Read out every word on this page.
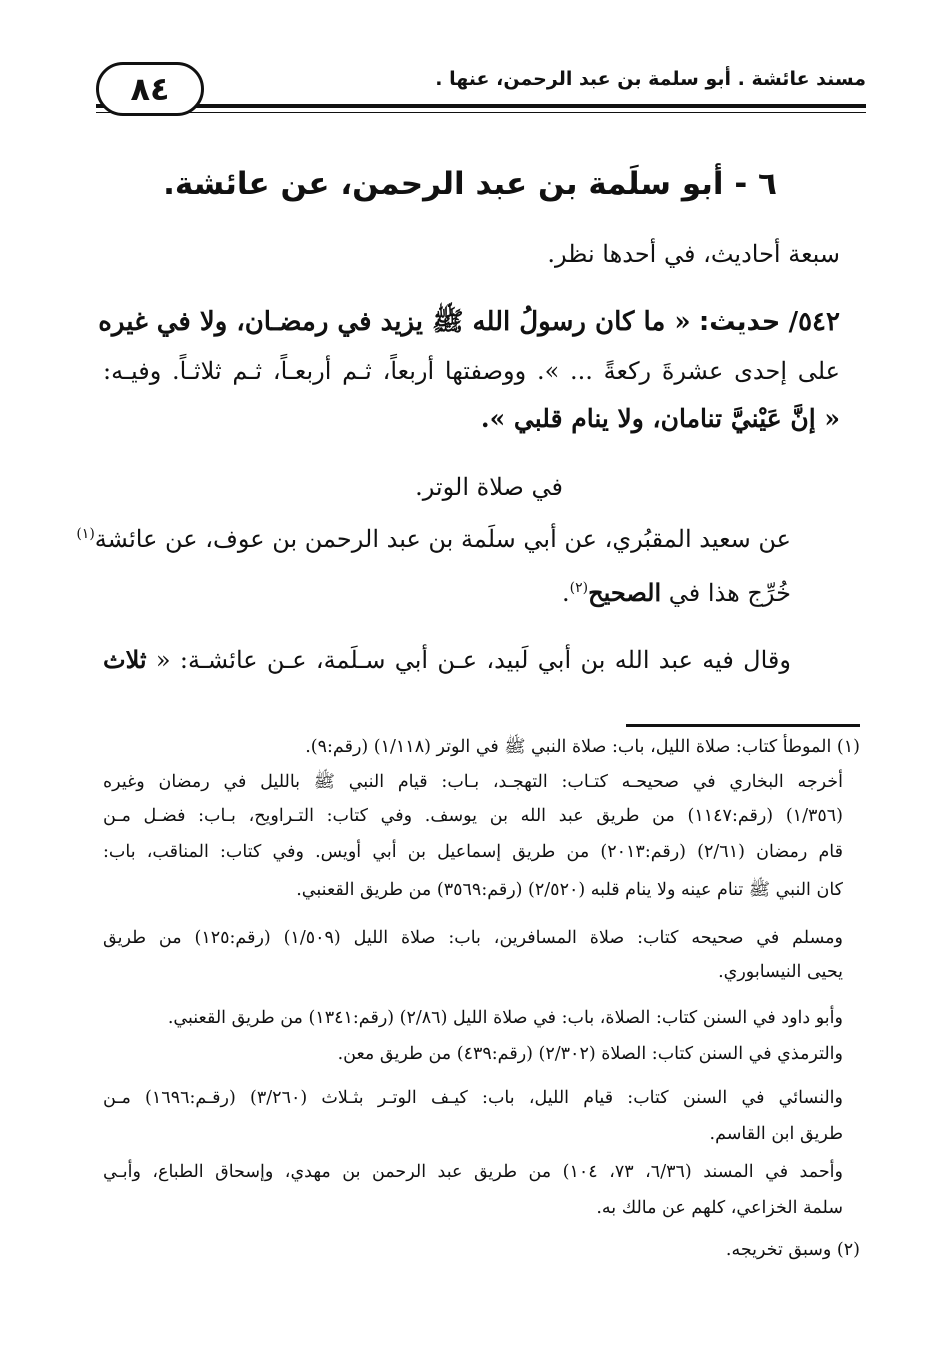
مسند عائشة . أبو سلمة بن عبد الرحمن، عنها .
٨٤
٦ - أبو سلَمة بن عبد الرحمن، عن عائشة.
سبعة أحاديث، في أحدها نظر.
٥٤٢/ حديث: « ما كان رسولُ الله ﷺ يزيد في رمضـان، ولا في غيره
على إحدى عشرةَ ركعةً ... ». ووصفتها أربعاً، ثـم أربعـاً، ثـم ثلاثـاً. وفيـه:
« إنَّ عَيْنيَّ تنامان، ولا ينام قلبي ».
في صلاة الوتر.
عن سعيد المقبُري، عن أبي سلَمة بن عبد الرحمن بن عوف، عن عائشة$^{(١)}$
خُرِّج هذا في الصحيح$^{(٢)}$.
وقال فيه عبد الله بن أبي لَبيد، عـن أبي سـلَمة، عـن عائشـة: « ثلاث
(١) الموطأ كتاب: صلاة الليل، باب: صلاة النبي ﷺ في الوتر (١/١١٨) (رقم:٩).
أخرجه البخاري في صحيحـه كتـاب: التهجـد، بـاب: قيام النبي ﷺ بالليل في رمضان وغيره
(١/٣٥٦) (رقم:١١٤٧) من طريق عبد الله بن يوسف. وفي كتاب: التـراويح، بـاب: فضـل مـن
قام رمضان (٢/٦١) (رقم:٢٠١٣) من طريق إسماعيل بن أبي أويس. وفي كتاب: المناقب، باب:
كان النبي ﷺ تنام عينه ولا ينام قلبه (٢/٥٢٠) (رقم:٣٥٦٩) من طريق القعنبي.
ومسلم في صحيحه كتاب: صلاة المسافرين، باب: صلاة الليل (١/٥٠٩) (رقم:١٢٥) من طريق
يحيى النيسابوري.
وأبو داود في السنن كتاب: الصلاة، باب: في صلاة الليل (٢/٨٦) (رقم:١٣٤١) من طريق القعنبي.
والترمذي في السنن كتاب: الصلاة (٢/٣٠٢) (رقم:٤٣٩) من طريق معن.
والنسائي في السنن كتاب: قيام الليل، باب: كيـف الوتـر بثـلاث (٣/٢٦٠) (رقـم:١٦٩٦) مـن
طريق ابن القاسم.
وأحمد في المسند (٦/٣٦، ٧٣، ١٠٤) من طريق عبد الرحمن بن مهدي، وإسحاق الطباع، وأبـي
سلمة الخزاعي، كلهم عن مالك به.
(٢) وسبق تخريجه.
